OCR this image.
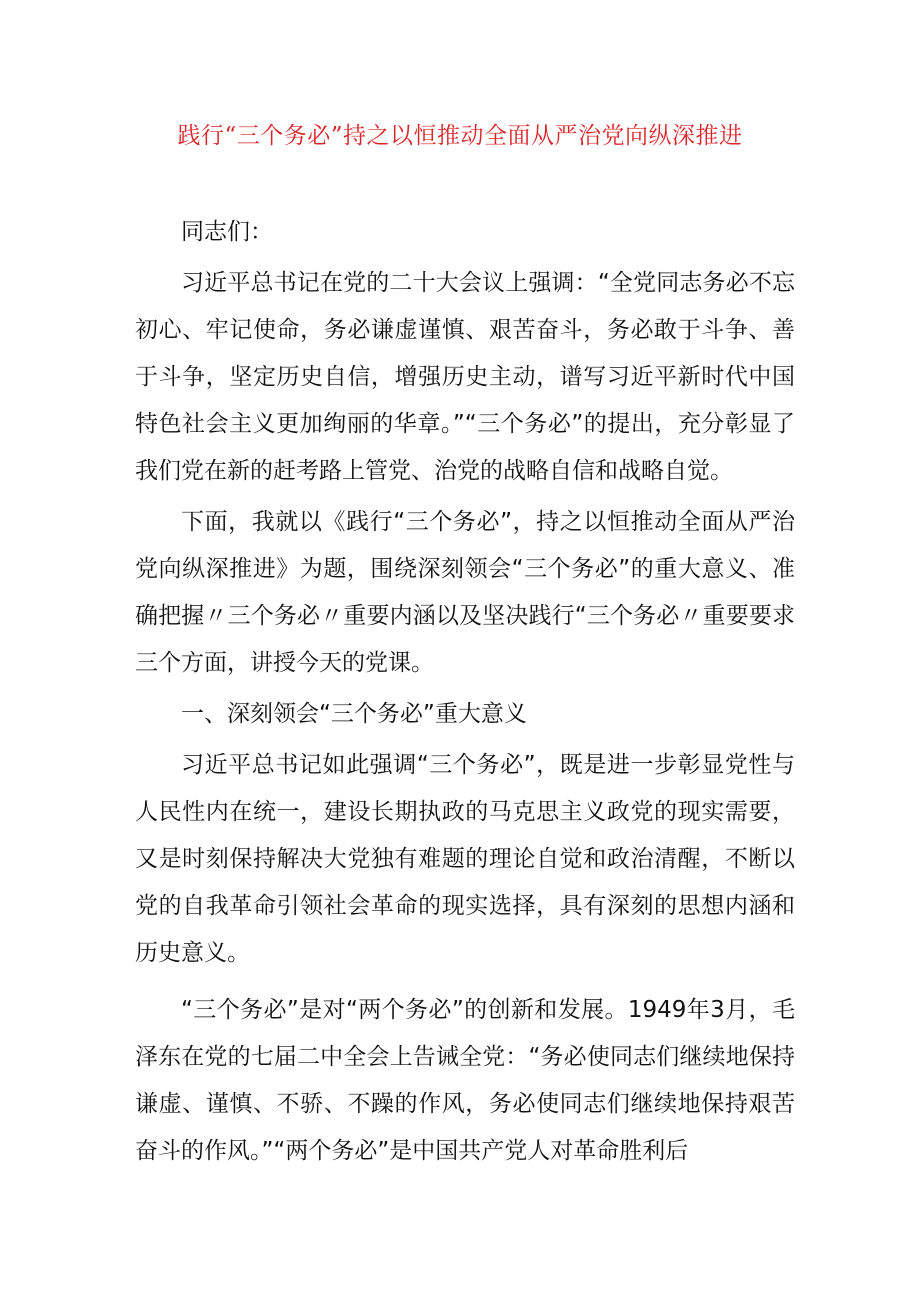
践行“三个务必”持之以恒推动全面从严治党向纵深推进

同志们：

习近平总书记在党的二十大会议上强调：“全党同志务必不忘初心、牢记使命，务必谦虚谨慎、艰苦奋斗，务必敢于斗争、善于斗争，坚定历史自信，增强历史主动，谱写习近平新时代中国特色社会主义更加绚丽的华章。”“三个务必”的提出，充分彰显了我们党在新的赶考路上管党、治党的战略自信和战略自觉。

下面，我就以《践行“三个务必”，持之以恒推动全面从严治党向纵深推进》为题，围绕深刻领会“三个务必”的重大意义、准确把握〃三个务必〃重要内涵以及坚决践行“三个务必〃重要要求三个方面，讲授今天的党课。

一、深刻领会“三个务必”重大意义

习近平总书记如此强调“三个务必”，既是进一步彰显党性与人民性内在统一，建设长期执政的马克思主义政党的现实需要，又是时刻保持解决大党独有难题的理论自觉和政治清醒，不断以党的自我革命引领社会革命的现实选择，具有深刻的思想内涵和历史意义。

“三个务必”是对“两个务必”的创新和发展。1949年3月，毛泽东在党的七届二中全会上告诫全党：“务必使同志们继续地保持谦虚、谨慎、不骄、不躁的作风，务必使同志们继续地保持艰苦奋斗的作风。”“两个务必”是中国共产党人对革命胜利后
